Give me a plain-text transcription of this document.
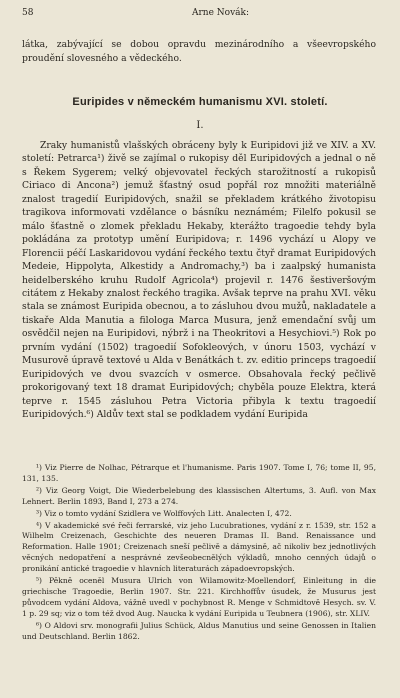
58	Arne Novák:

látka, zabývající se dobou opravdu mezinárodního a všeevropského proudění slovesného a vědeckého.

Euripides v německém humanismu XVI. století.
I.

Zraky humanistů vlašských obráceny byly k Euripidovi již ve XIV. a XV. století: Petrarca¹) živě se zajímal o rukopisy děl Euripidových a jednal o ně s Řekem Sygerem; velký objevovatel řeckých starožitností a rukopisů Ciriaco di Ancona²) jemuž šťastný osud popřál roz množiti materiálně znalost tragedií Euripidových, snažil se překladem krátkého životopisu tragikova informovati vzdělance o básníku neznámém; Filelfo pokusil se málo šťastně o zlomek překladu Hekaby, kterážto tragoedie tehdy byla pokládána za prototyp umění Euripidova; r. 1496 vychází u Alopy ve Florencii péčí Laskaridovou vydání řeckého textu čtyř dramat Euripidových Medeie, Hippolyta, Alkestidy a Andromachy,³) ba i zaalpský humanista heidelberského kruhu Rudolf Agricola⁴) projevil r. 1476 šestiveršovým citátem z Hekaby znalost řeckého tragika. Avšak teprve na prahu XVI. věku stala se známost Euripida obecnou, a to zásluhou dvou mužů, nakladatele a tiskaře Alda Manutia a filologa Marca Musura, jenž emendační svůj um osvědčil nejen na Euripidovi, nýbrž i na Theokritovi a Hesychiovi.⁵) Rok po prvním vydání (1502) tragoedií Sofokleových, v únoru 1503, vychází v Musurově úpravě textové u Alda v Benátkách t. zv. editio princeps tragoedií Euripidových ve dvou svazcích v osmerce. Obsahovala řecký pečlivě prokorigovaný text 18 dramat Euripidových; chyběla pouze Elektra, která teprve r. 1545 zásluhou Petra Victoria přibyla k textu tragoedií Euripidových.⁶) Aldův text stal se podkladem vydání Euripida

¹) Viz Pierre de Nolhac, Pétrarque et l'humanisme. Paris 1907. Tome I, 76; tome II, 95, 131, 135.

²) Viz Georg Voigt, Die Wiederbelebung des klassischen Altertums, 3. Aufl. von Max Lehnert. Berlin 1893, Band I, 273 a 274.

³) Viz o tomto vydání Szidlera ve Wolffových Litt. Analecten I, 472.

⁴) V akademické své řeči ferrarské, viz jeho Lucubrationes, vydání z r. 1539, str. 152 a Wilhelm Creizenach, Geschichte des neueren Dramas II. Band. Renaissance und Reformation. Halle 1901; Creizenach sneší pečlivě a dámysině, ač nikoliv bez jednotlivých věcných nedopatření a nesprávné zevšeobecnělých výkladů, mnoho cenných údajů o pronikání antické tragoedie v hlavních literaturách západoevropských.

⁵) Pěkně oceněl Musura Ulrich von Wilamowitz-Moellendorf, Einleitung in die griechische Tragoedie, Berlin 1907. Str. 221. Kirchhoffův úsudek, že Musurus jest původcem vydání Aldova, vážně uvedl v pochybnost R. Menge v Schmidtově Hesych. sv. V. 1 p. 29 sq; viz o tom též dvod Aug. Naucka k vydání Euripida u Teubnera (1906), str. XLIV.

⁶) O Aldovi srv. monografii Julius Schück, Aldus Manutius und seine Genossen in Italien und Deutschland. Berlin 1862.
